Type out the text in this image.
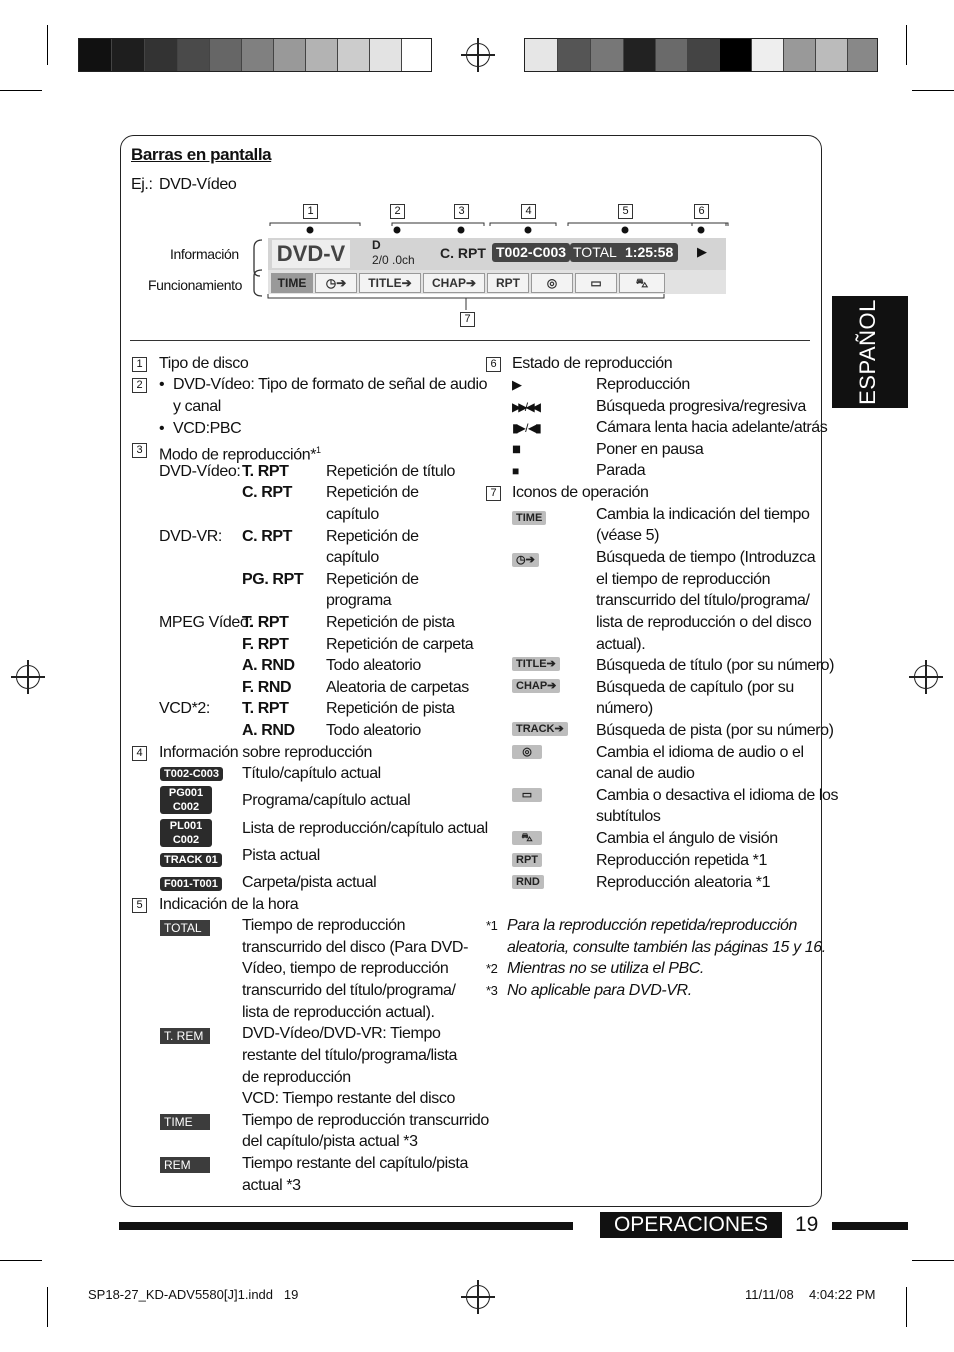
ESPAÑOL
Barras en pantalla
Ej.: DVD-Vídeo
Información
Funcionamiento
1	2	3	4	5	6
7
DVD-V	D
2/0 .0ch C. RPT T002-C003 TOTAL 1:25:58	▶
TIME	◷➔	TITLE➔	CHAP➔	RPT	◎	▭	⛍
1 Tipo de disco
2 • DVD-Vídeo: Tipo de formato de señal de audio
y canal
• VCD:PBC
3 Modo de reproducción*$^1$
DVD-Vídeo: T. RPT Repetición de título
C. RPT Repetición de
capítulo
DVD-VR: C. RPT Repetición de
capítulo
PG. RPT Repetición de
programa
MPEG Vídeo:
T. RPT Repetición de pista
F. RPT Repetición de carpeta
A. RND Todo aleatorio
F. RND Aleatoria de carpetas
VCD*2: T. RPT Repetición de pista
A. RND Todo aleatorio
4 Información sobre reproducción
T002-C003 Título/capítulo actual
PG001
C002	Programa/capítulo actual
PL001
C002
Lista de reproducción/capítulo actual
TRACK 01 Pista actual
F001-T001 Carpeta/pista actual
5 Indicación de la hora
TOTAL	Tiempo de reproducción
transcurrido del disco (Para DVD-
Vídeo, tiempo de reproducción
transcurrido del título/programa/
lista de reproducción actual).
T. REM	DVD-Vídeo/DVD-VR: Tiempo
restante del título/programa/lista
de reproducción
VCD: Tiempo restante del disco
TIME	Tiempo de reproducción transcurrido
del capítulo/pista actual *3
REM	Tiempo restante del capítulo/pista
actual *3
6 Estado de reproducción
▶	Reproducción
▶▶ / ◀◀	Búsqueda progresiva/regresiva
▮▶ / ◀▮	Cámara lenta hacia adelante/atrás
▮▮	Poner en pausa
■	Parada
7 Iconos de operación
TIME	Cambia la indicación del tiempo
(véase 5)
◷➔	Búsqueda de tiempo (Introduzca
el tiempo de reproducción
transcurrido del título/programa/
lista de reproducción o del disco
actual).
TITLE➔	Búsqueda de título (por su número)
CHAP➔ Búsqueda de capítulo (por su
número)
TRACK➔ Búsqueda de pista (por su número)
◎	Cambia el idioma de audio o el
canal de audio
▭	Cambia o desactiva el idioma de los
subtítulos
⛍	Cambia el ángulo de visión
RPT	Reproducción repetida *1
RND	Reproducción aleatoria *1
*1 Para la reproducción repetida/reproducción
aleatoria, consulte también las páginas 15 y 16.
*2 Mientras no se utiliza el PBC.
*3 No aplicable para DVD-VR.
OPERACIONES	19
SP18-27_KD-ADV5580[J]1.indd   19	11/11/08 4:04:22 PM
